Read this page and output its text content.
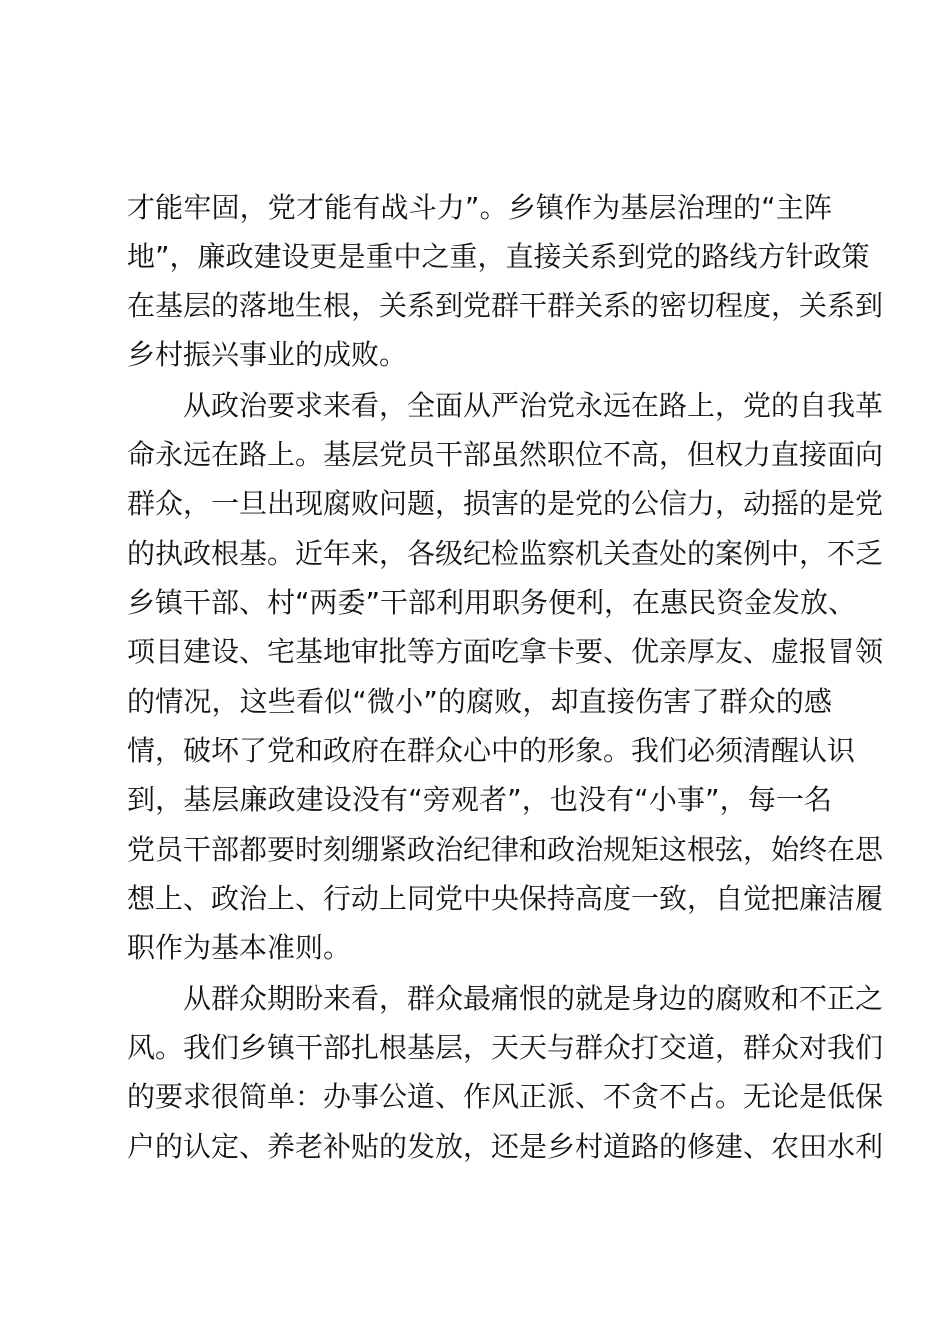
才能牢固，党才能有战斗力”。乡镇作为基层治理的“主阵
地”，廉政建设更是重中之重，直接关系到党的路线方针政策
在基层的落地生根，关系到党群干群关系的密切程度，关系到
乡村振兴事业的成败。
从政治要求来看，全面从严治党永远在路上，党的自我革
命永远在路上。基层党员干部虽然职位不高，但权力直接面向
群众，一旦出现腐败问题，损害的是党的公信力，动摇的是党
的执政根基。近年来，各级纪检监察机关查处的案例中，不乏
乡镇干部、村“两委”干部利用职务便利，在惠民资金发放、
项目建设、宅基地审批等方面吃拿卡要、优亲厚友、虚报冒领
的情况，这些看似“微小”的腐败，却直接伤害了群众的感
情，破坏了党和政府在群众心中的形象。我们必须清醒认识
到，基层廉政建设没有“旁观者”，也没有“小事”，每一名
党员干部都要时刻绷紧政治纪律和政治规矩这根弦，始终在思
想上、政治上、行动上同党中央保持高度一致，自觉把廉洁履
职作为基本准则。
从群众期盼来看，群众最痛恨的就是身边的腐败和不正之
风。我们乡镇干部扎根基层，天天与群众打交道，群众对我们
的要求很简单：办事公道、作风正派、不贪不占。无论是低保
户的认定、养老补贴的发放，还是乡村道路的修建、农田水利
